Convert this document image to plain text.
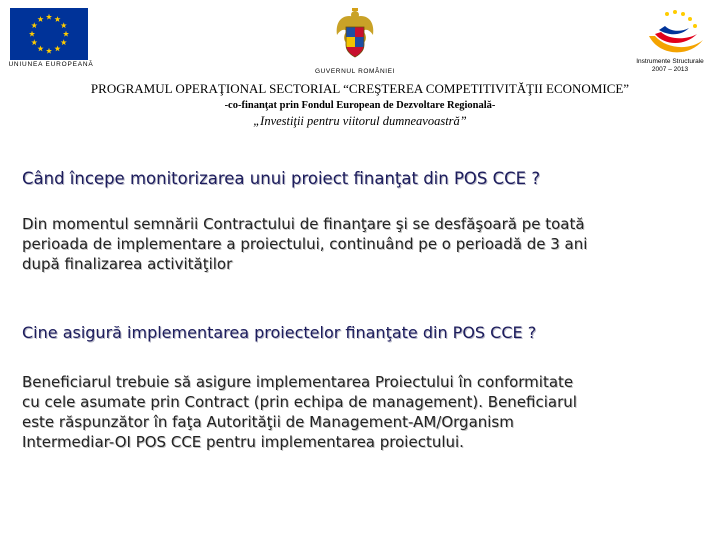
UNIUNEA EUROPEANĂ
GUVERNUL ROMÂNIEI
Instrumente Structurale
2007 – 2013
PROGRAMUL OPERAŢIONAL SECTORIAL “CREŞTEREA COMPETITIVITĂŢII ECONOMICE”
-co-finanţat prin Fondul European de Dezvoltare Regională-
„Investiţii pentru viitorul dumneavoastră”
Când începe monitorizarea unui proiect finanţat din POS CCE ?
Din momentul semnării Contractului de finanţare şi se desfăşoară pe toată
perioada de implementare a proiectului, continuând pe o perioadă de 3 ani
după finalizarea activităţilor
Cine asigură implementarea proiectelor finanţate din POS CCE ?
Beneficiarul trebuie să asigure implementarea Proiectului în conformitate
cu cele asumate prin Contract (prin echipa de management). Beneficiarul
este răspunzător în faţa Autorităţii de Management-AM/Organism
Intermediar-OI POS CCE pentru implementarea proiectului.
